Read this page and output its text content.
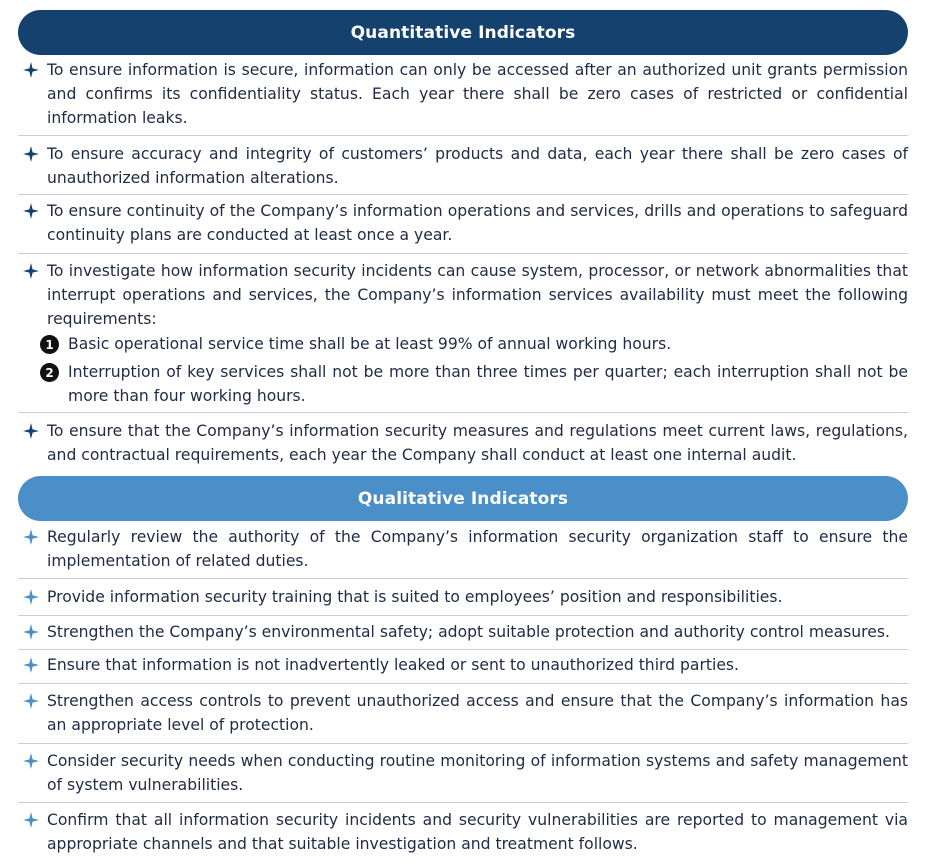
Quantitative Indicators
To ensure information is secure, information can only be accessed after an authorized unit grants permission and confirms its confidentiality status. Each year there shall be zero cases of restricted or confidential information leaks.
To ensure accuracy and integrity of customers’ products and data, each year there shall be zero cases of unauthorized information alterations.
To ensure continuity of the Company’s information operations and services, drills and operations to safeguard continuity plans are conducted at least once a year.
To investigate how information security incidents can cause system, processor, or network abnormalities that interrupt operations and services, the Company’s information services availability must meet the following requirements:
1 Basic operational service time shall be at least 99% of annual working hours.
2 Interruption of key services shall not be more than three times per quarter; each interruption shall not be more than four working hours.
To ensure that the Company’s information security measures and regulations meet current laws, regulations, and contractual requirements, each year the Company shall conduct at least one internal audit.
Qualitative Indicators
Regularly review the authority of the Company’s information security organization staff to ensure the implementation of related duties.
Provide information security training that is suited to employees’ position and responsibilities.
Strengthen the Company’s environmental safety; adopt suitable protection and authority control measures.
Ensure that information is not inadvertently leaked or sent to unauthorized third parties.
Strengthen access controls to prevent unauthorized access and ensure that the Company’s information has an appropriate level of protection.
Consider security needs when conducting routine monitoring of information systems and safety management of system vulnerabilities.
Confirm that all information security incidents and security vulnerabilities are reported to management via appropriate channels and that suitable investigation and treatment follows.
